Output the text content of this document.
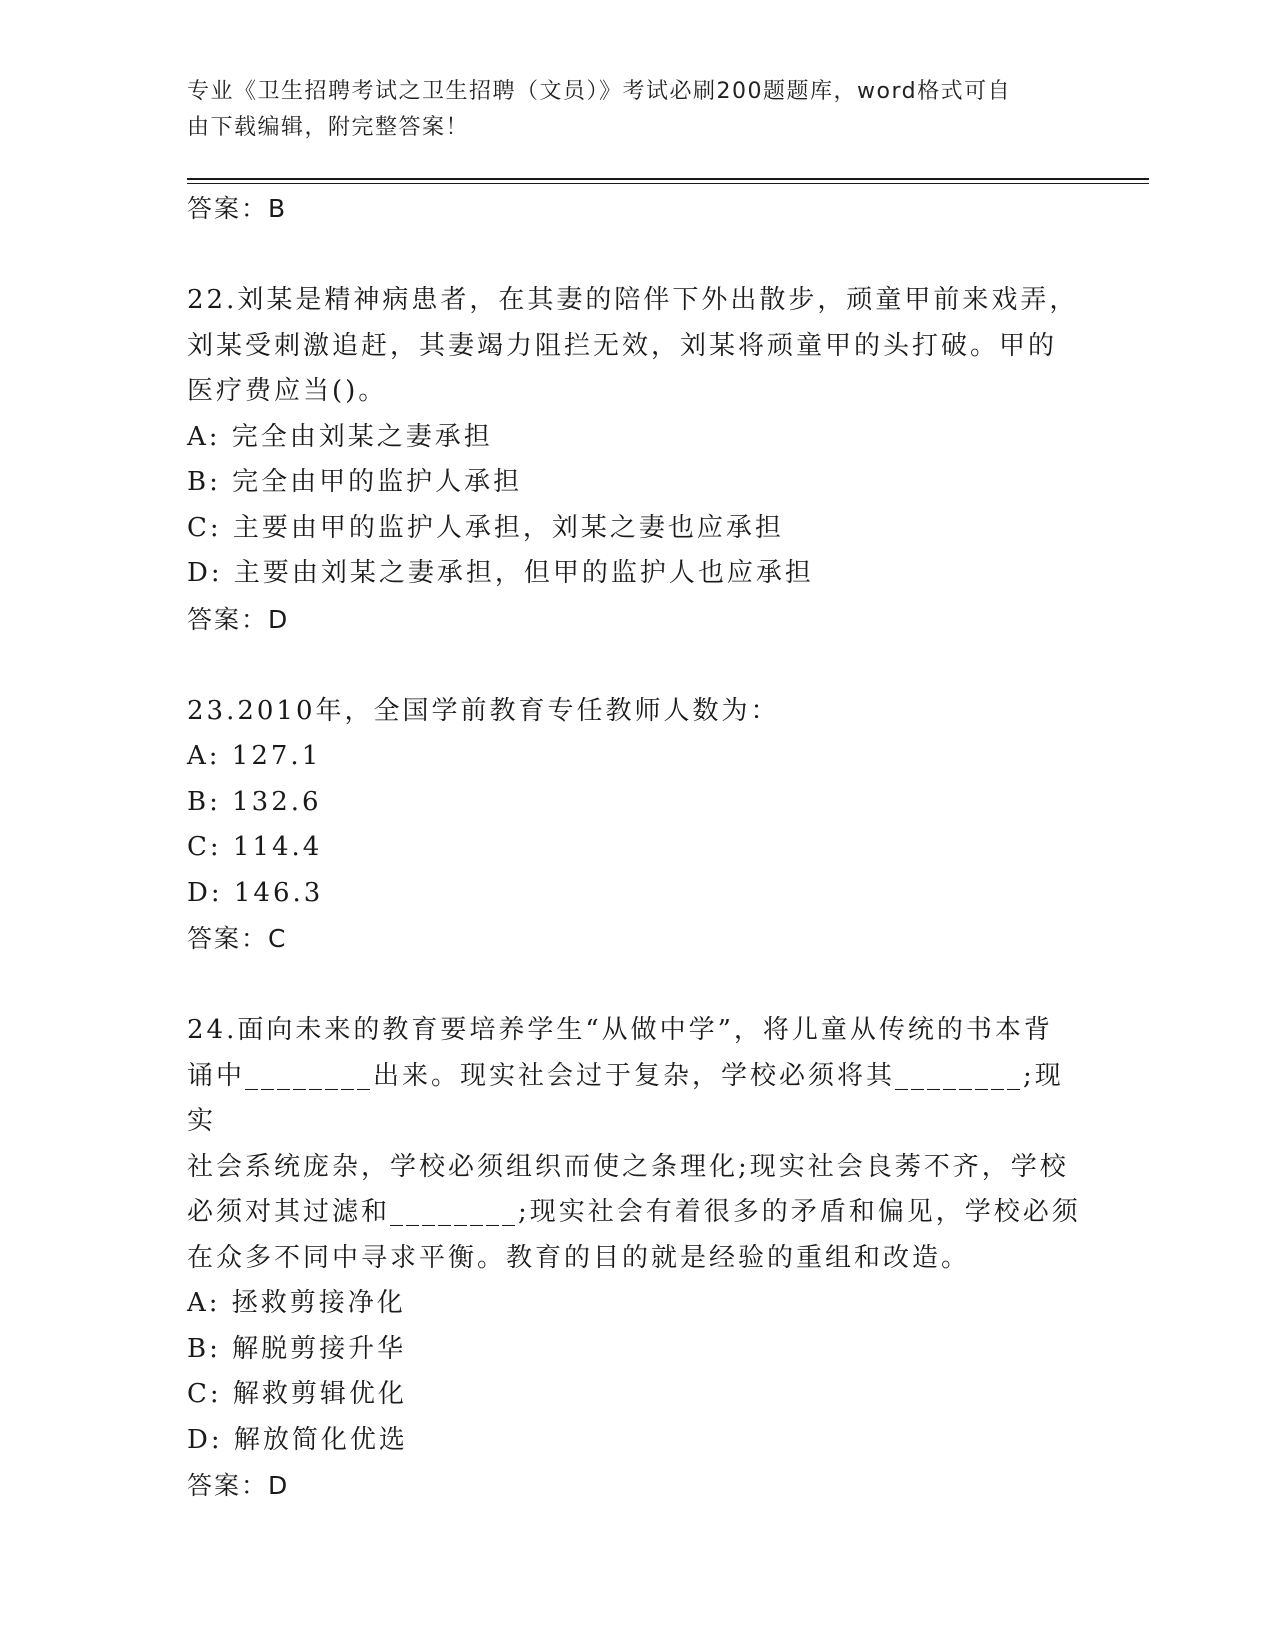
专业《卫生招聘考试之卫生招聘（文员）》考试必刷200题题库，word格式可自
由下载编辑，附完整答案！

答案：B

22.刘某是精神病患者，在其妻的陪伴下外出散步，顽童甲前来戏弄，

刘某受刺激追赶，其妻竭力阻拦无效，刘某将顽童甲的头打破。甲的

医疗费应当()。

A: 完全由刘某之妻承担

B: 完全由甲的监护人承担

C: 主要由甲的监护人承担，刘某之妻也应承担

D: 主要由刘某之妻承担，但甲的监护人也应承担

答案：D

23.2010年，全国学前教育专任教师人数为：

A: 127.1

B: 132.6

C: 114.4

D: 146.3

答案：C

24.面向未来的教育要培养学生“从做中学”，将儿童从传统的书本背

诵中________出来。现实社会过于复杂，学校必须将其________;现实

社会系统庞杂，学校必须组织而使之条理化;现实社会良莠不齐，学校

必须对其过滤和________;现实社会有着很多的矛盾和偏见，学校必须

在众多不同中寻求平衡。教育的目的就是经验的重组和改造。

A: 拯救剪接净化

B: 解脱剪接升华

C: 解救剪辑优化

D: 解放简化优选

答案：D
